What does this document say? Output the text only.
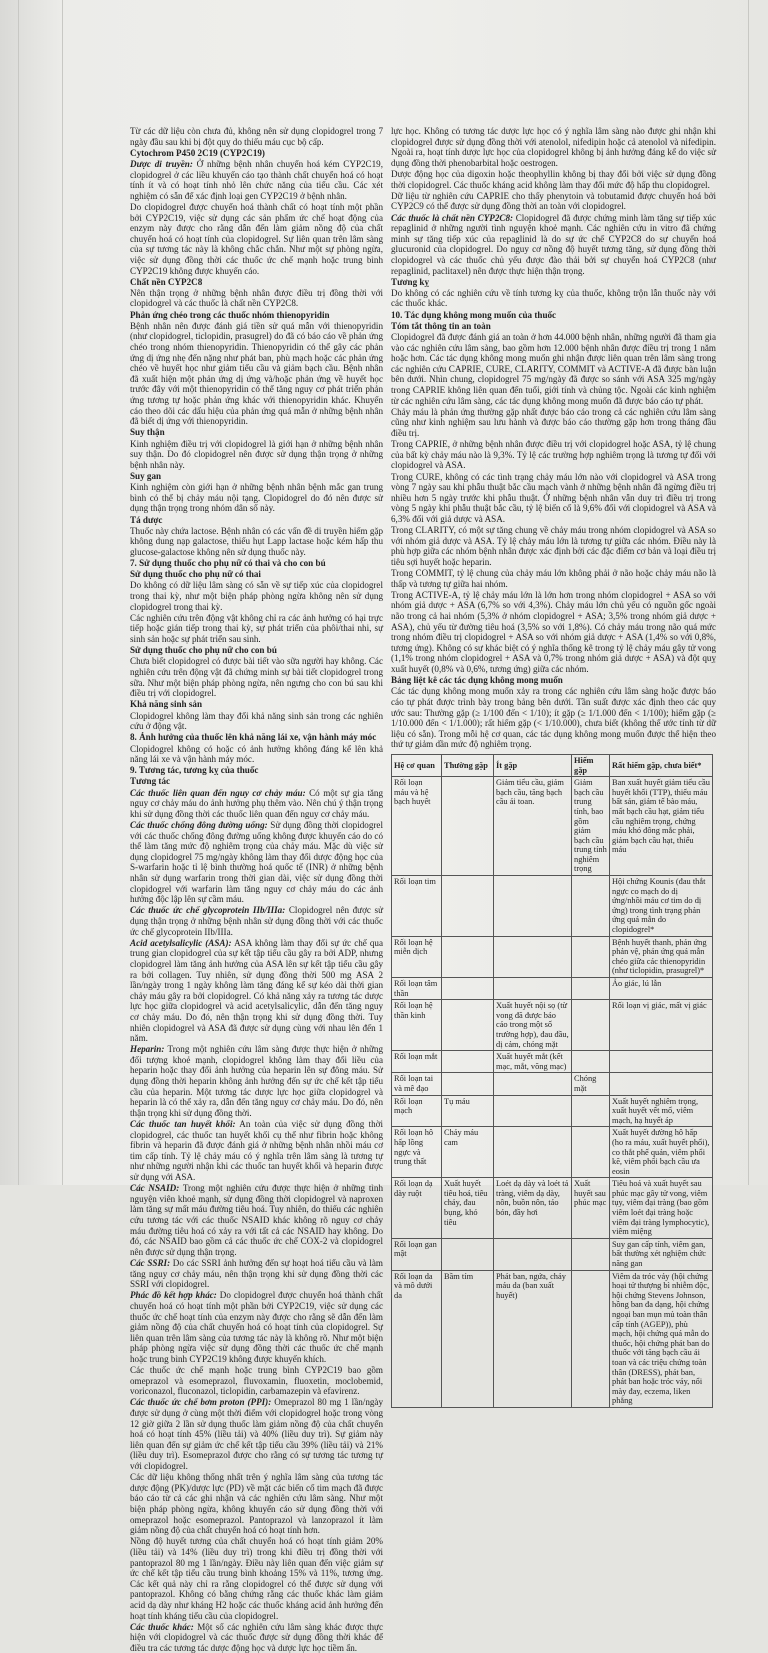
Từ các dữ liệu còn chưa đủ, không nên sử dụng clopidogrel trong 7 ngày đầu sau khi bị đột quỵ do thiếu máu cục bộ cấp.

Cytochrom P450 2C19 (CYP2C19)

Dược di truyền: Ở những bệnh nhân chuyển hoá kém CYP2C19, clopidogrel ở các liều khuyến cáo tạo thành chất chuyển hoá có hoạt tính ít và có hoạt tính nhỏ lên chức năng của tiểu cầu. Các xét nghiệm có sẵn để xác định loại gen CYP2C19 ở bệnh nhân.

Do clopidogrel được chuyển hoá thành chất có hoạt tính một phần bởi CYP2C19, việc sử dụng các sản phẩm ức chế hoạt động của enzym này được cho rằng dẫn đến làm giảm nồng độ của chất chuyển hoá có hoạt tính của clopidogrel. Sự liên quan trên lâm sàng của sự tương tác này là không chắc chắn. Như một sự phòng ngừa, việc sử dụng đồng thời các thuốc ức chế mạnh hoặc trung bình CYP2C19 không được khuyến cáo.

Chất nền CYP2C8

Nên thận trọng ở những bệnh nhân được điều trị đồng thời với clopidogrel và các thuốc là chất nền CYP2C8.

Phản ứng chéo trong các thuốc nhóm thienopyridin

Bệnh nhân nên được đánh giá tiền sử quá mẫn với thienopyridin (như clopidogrel, ticlopidin, prasugrel) do đã có báo cáo về phản ứng chéo trong nhóm thienopyridin. Thienopyridin có thể gây các phản ứng dị ứng nhẹ đến nặng như phát ban, phù mạch hoặc các phản ứng chéo về huyết học như giảm tiểu cầu và giảm bạch cầu. Bệnh nhân đã xuất hiện một phản ứng dị ứng và/hoặc phản ứng về huyết học trước đây với một thienopyridin có thể tăng nguy cơ phát triển phản ứng tương tự hoặc phản ứng khác với thienopyridin khác. Khuyến cáo theo dõi các dấu hiệu của phản ứng quá mẫn ở những bệnh nhân đã biết dị ứng với thienopyridin.

Suy thận

Kinh nghiệm điều trị với clopidogrel là giới hạn ở những bệnh nhân suy thận. Do đó clopidogrel nên được sử dụng thận trọng ở những bệnh nhân này.

Suy gan

Kinh nghiệm còn giới hạn ở những bệnh nhân bệnh mắc gan trung bình có thể bị chảy máu nội tạng. Clopidogrel do đó nên được sử dụng thận trọng trong nhóm dân số này.

Tá dược

Thuốc này chứa lactose. Bệnh nhân có các vấn đề di truyền hiếm gặp không dung nạp galactose, thiếu hụt Lapp lactase hoặc kém hấp thu glucose-galactose không nên sử dụng thuốc này.

7. Sử dụng thuốc cho phụ nữ có thai và cho con bú

Sử dụng thuốc cho phụ nữ có thai

Do không có dữ liệu lâm sàng có sẵn về sự tiếp xúc của clopidogrel trong thai kỳ, như một biện pháp phòng ngừa không nên sử dụng clopidogrel trong thai kỳ.

Các nghiên cứu trên động vật không chỉ ra các ảnh hưởng có hại trực tiếp hoặc gián tiếp trong thai kỳ, sự phát triển của phôi/thai nhi, sự sinh sản hoặc sự phát triển sau sinh.

Sử dụng thuốc cho phụ nữ cho con bú

Chưa biết clopidogrel có được bài tiết vào sữa người hay không. Các nghiên cứu trên động vật đã chứng minh sự bài tiết clopidogrel trong sữa. Như một biện pháp phòng ngừa, nên ngưng cho con bú sau khi điều trị với clopidogrel.

Khả năng sinh sản

Clopidogrel không làm thay đổi khả năng sinh sản trong các nghiên cứu ở động vật.

8. Ảnh hưởng của thuốc lên khả năng lái xe, vận hành máy móc

Clopidogrel không có hoặc có ảnh hưởng không đáng kể lên khả năng lái xe và vận hành máy móc.

9. Tương tác, tương kỵ của thuốc

Tương tác

Các thuốc liên quan đến nguy cơ chảy máu: Có một sự gia tăng nguy cơ chảy máu do ảnh hưởng phụ thêm vào. Nên chú ý thận trọng khi sử dụng đồng thời các thuốc liên quan đến nguy cơ chảy máu.

Các thuốc chống đông đường uống: Sử dụng đồng thời clopidogrel với các thuốc chống đông đường uống không được khuyến cáo do có thể làm tăng mức độ nghiêm trọng của chảy máu. Mặc dù việc sử dụng clopidogrel 75 mg/ngày không làm thay đổi dược động học của S-warfarin hoặc tỉ lệ bình thường hoá quốc tế (INR) ở những bệnh nhân sử dụng warfarin trong thời gian dài, việc sử dụng đồng thời clopidogrel với warfarin làm tăng nguy cơ chảy máu do các ảnh hưởng độc lập lên sự cầm máu.

Các thuốc ức chế glycoprotein IIb/IIIa: Clopidogrel nên được sử dụng thận trọng ở những bệnh nhân sử dụng đồng thời với các thuốc ức chế glycoprotein IIb/IIIa.

Acid acetylsalicylic (ASA): ASA không làm thay đổi sự ức chế qua trung gian clopidogrel của sự kết tập tiểu cầu gây ra bởi ADP, nhưng clopidogrel làm tăng ảnh hưởng của ASA lên sự kết tập tiểu cầu gây ra bởi collagen. Tuy nhiên, sử dụng đồng thời 500 mg ASA 2 lần/ngày trong 1 ngày không làm tăng đáng kể sự kéo dài thời gian chảy máu gây ra bởi clopidogrel. Có khả năng xảy ra tương tác dược lực học giữa clopidogrel và acid acetylsalicylic, dẫn đến tăng nguy cơ chảy máu. Do đó, nên thận trọng khi sử dụng đồng thời. Tuy nhiên clopidogrel và ASA đã được sử dụng cùng với nhau lên đến 1 năm.

Heparin: Trong một nghiên cứu lâm sàng được thực hiện ở những đối tượng khoẻ mạnh, clopidogrel không làm thay đổi liều của heparin hoặc thay đổi ảnh hưởng của heparin lên sự đông máu. Sử dụng đồng thời heparin không ảnh hưởng đến sự ức chế kết tập tiểu cầu của heparin. Một tương tác dược lực học giữa clopidogrel và heparin là có thể xảy ra, dẫn đến tăng nguy cơ chảy máu. Do đó, nên thận trọng khi sử dụng đồng thời.

Các thuốc tan huyết khối: An toàn của việc sử dụng đồng thời clopidogrel, các thuốc tan huyết khối cụ thể như fibrin hoặc không fibrin và heparin đã được đánh giá ở những bệnh nhân nhồi máu cơ tim cấp tính. Tỷ lệ chảy máu có ý nghĩa trên lâm sàng là tương tự như những người nhận khi các thuốc tan huyết khối và heparin được sử dụng với ASA.

Các NSAID: Trong một nghiên cứu được thực hiện ở những tình nguyện viên khoẻ mạnh, sử dụng đồng thời clopidogrel và naproxen làm tăng sự mất máu đường tiêu hoá. Tuy nhiên, do thiếu các nghiên cứu tương tác với các thuốc NSAID khác không rõ nguy cơ chảy máu đường tiêu hoá có xảy ra với tất cả các NSAID hay không. Do đó, các NSAID bao gồm cả các thuốc ức chế COX-2 và clopidogrel nên được sử dụng thận trọng.

Các SSRI: Do các SSRI ảnh hưởng đến sự hoạt hoá tiểu cầu và làm tăng nguy cơ chảy máu, nên thận trọng khi sử dụng đồng thời các SSRI với clopidogrel.

Phác đồ kết hợp khác: Do clopidogrel được chuyển hoá thành chất chuyển hoá có hoạt tính một phần bởi CYP2C19, việc sử dụng các thuốc ức chế hoạt tính của enzym này được cho rằng sẽ dẫn đến làm giảm nồng độ của chất chuyển hoá có hoạt tính của clopidogrel. Sự liên quan trên lâm sàng của tương tác này là không rõ. Như một biện pháp phòng ngừa việc sử dụng đồng thời các thuốc ức chế mạnh hoặc trung bình CYP2C19 không được khuyến khích.

Các thuốc ức chế mạnh hoặc trung bình CYP2C19 bao gồm omeprazol và esomeprazol, fluvoxamin, fluoxetin, moclobemid, voriconazol, fluconazol, ticlopidin, carbamazepin và efavirenz.

Các thuốc ức chế bơm proton (PPI): Omeprazol 80 mg 1 lần/ngày được sử dụng ở cùng một thời điểm với clopidogrel hoặc trong vòng 12 giờ giữa 2 lần sử dụng thuốc làm giảm nồng độ của chất chuyển hoá có hoạt tính 45% (liều tải) và 40% (liều duy trì). Sự giảm này liên quan đến sự giảm ức chế kết tập tiểu cầu 39% (liều tải) và 21% (liều duy trì). Esomeprazol được cho rằng có sự tương tác tương tự với clopidogrel.

Các dữ liệu không thống nhất trên ý nghĩa lâm sàng của tương tác dược động (PK)/dược lực (PD) về mặt các biến cố tim mạch đã được báo cáo từ cả các ghi nhận và các nghiên cứu lâm sàng. Như một biện pháp phòng ngừa, không khuyến cáo sử dụng đồng thời với omeprazol hoặc esomeprazol. Pantoprazol và lanzoprazol ít làm giảm nồng độ của chất chuyển hoá có hoạt tính hơn.

Nồng độ huyết tương của chất chuyển hoá có hoạt tính giảm 20% (liều tải) và 14% (liều duy trì) trong khi điều trị đồng thời với pantoprazol 80 mg 1 lần/ngày. Điều này liên quan đến việc giảm sự ức chế kết tập tiểu cầu trung bình khoảng 15% và 11%, tương ứng. Các kết quả này chỉ ra rằng clopidogrel có thể được sử dụng với pantoprazol. Không có bằng chứng rằng các thuốc khác làm giảm acid dạ dày như kháng H2 hoặc các thuốc kháng acid ảnh hưởng đến hoạt tính kháng tiểu cầu của clopidogrel.

Các thuốc khác: Một số các nghiên cứu lâm sàng khác được thực hiện với clopidogrel và các thuốc được sử dụng đồng thời khác để điều tra các tương tác dược động học và dược lực học tiềm ẩn.

lực học. Không có tương tác dược lực học có ý nghĩa lâm sàng nào được ghi nhận khi clopidogrel được sử dụng đồng thời với atenolol, nifedipin hoặc cả atenolol và nifedipin. Ngoài ra, hoạt tính dược lực học của clopidogrel không bị ảnh hưởng đáng kể do việc sử dụng đồng thời phenobarbital hoặc oestrogen.

Dược động học của digoxin hoặc theophyllin không bị thay đổi bởi việc sử dụng đồng thời clopidogrel. Các thuốc kháng acid không làm thay đổi mức độ hấp thu clopidogrel.

Dữ liệu từ nghiên cứu CAPRIE cho thấy phenytoin và tobutamid được chuyển hoá bởi CYP2C9 có thể được sử dụng đồng thời an toàn với clopidogrel.

Các thuốc là chất nền CYP2C8: Clopidogrel đã được chứng minh làm tăng sự tiếp xúc repaglinid ở những người tình nguyện khoẻ mạnh. Các nghiên cứu in vitro đã chứng minh sự tăng tiếp xúc của repaglinid là do sự ức chế CYP2C8 do sự chuyển hoá glucuronid của clopidogrel. Do nguy cơ nồng độ huyết tương tăng, sử dụng đồng thời clopidogrel và các thuốc chủ yếu được đào thải bởi sự chuyển hoá CYP2C8 (như repaglinid, paclitaxel) nên được thực hiện thận trọng.

Tương kỵ

Do không có các nghiên cứu về tính tương kỵ của thuốc, không trộn lẫn thuốc này với các thuốc khác.

10. Tác dụng không mong muốn của thuốc

Tóm tắt thông tin an toàn

Clopidogrel đã được đánh giá an toàn ở hơn 44.000 bệnh nhân, những người đã tham gia vào các nghiên cứu lâm sàng, bao gồm hơn 12.000 bệnh nhân được điều trị trong 1 năm hoặc hơn. Các tác dụng không mong muốn ghi nhận được liên quan trên lâm sàng trong các nghiên cứu CAPRIE, CURE, CLARITY, COMMIT và ACTIVE-A đã được bàn luận bên dưới. Nhìn chung, clopidogrel 75 mg/ngày đã được so sánh với ASA 325 mg/ngày trong CAPRIE không liên quan đến tuổi, giới tính và chủng tộc. Ngoài các kinh nghiệm từ các nghiên cứu lâm sàng, các tác dụng không mong muốn đã được báo cáo tự phát.

Chảy máu là phản ứng thường gặp nhất được báo cáo trong cả các nghiên cứu lâm sàng cũng như kinh nghiệm sau lưu hành và được báo cáo thường gặp hơn trong tháng đầu điều trị.

Trong CAPRIE, ở những bệnh nhân được điều trị với clopidogrel hoặc ASA, tỷ lệ chung của bất kỳ chảy máu nào là 9,3%. Tỷ lệ các trường hợp nghiêm trọng là tương tự đối với clopidogrel và ASA.

Trong CURE, không có các tình trạng chảy máu lớn nào với clopidogrel và ASA trong vòng 7 ngày sau khi phẫu thuật bắc cầu mạch vành ở những bệnh nhân đã ngừng điều trị nhiều hơn 5 ngày trước khi phẫu thuật. Ở những bệnh nhân vẫn duy trì điều trị trong vòng 5 ngày khi phẫu thuật bắc cầu, tỷ lệ biến cố là 9,6% đối với clopidogrel và ASA và 6,3% đối với giả dược và ASA.

Trong CLARITY, có một sự tăng chung về chảy máu trong nhóm clopidogrel và ASA so với nhóm giả dược và ASA. Tỷ lệ chảy máu lớn là tương tự giữa các nhóm. Điều này là phù hợp giữa các nhóm bệnh nhân được xác định bởi các đặc điểm cơ bản và loại điều trị tiêu sợi huyết hoặc heparin.

Trong COMMIT, tỷ lệ chung của chảy máu lớn không phải ở não hoặc chảy máu não là thấp và tương tự giữa hai nhóm.

Trong ACTIVE-A, tỷ lệ chảy máu lớn là lớn hơn trong nhóm clopidogrel + ASA so với nhóm giả dược + ASA (6,7% so với 4,3%). Chảy máu lớn chủ yếu có nguồn gốc ngoài não trong cả hai nhóm (5,3% ở nhóm clopidogrel + ASA; 3,5% trong nhóm giả dược + ASA), chủ yếu từ đường tiêu hoá (3,5% so với 1,8%). Có chảy máu trong não quá mức trong nhóm điều trị clopidogrel + ASA so với nhóm giả dược + ASA (1,4% so với 0,8%, tương ứng). Không có sự khác biệt có ý nghĩa thống kê trong tỷ lệ chảy máu gây tử vong (1,1% trong nhóm clopidogrel + ASA và 0,7% trong nhóm giả dược + ASA) và đột quỵ xuất huyết (0,8% và 0,6%, tương ứng) giữa các nhóm.

Bảng liệt kê các tác dụng không mong muốn

Các tác dụng không mong muốn xảy ra trong các nghiên cứu lâm sàng hoặc được báo cáo tự phát được trình bày trong bảng bên dưới. Tần suất được xác định theo các quy ước sau: Thường gặp (≥ 1/100 đến < 1/10); ít gặp (≥ 1/1.000 đến < 1/100); hiếm gặp (≥ 1/10.000 đến < 1/1.000); rất hiếm gặp (< 1/10.000), chưa biết (không thể ước tính từ dữ liệu có sẵn). Trong mỗi hệ cơ quan, các tác dụng không mong muốn được thể hiện theo thứ tự giảm dần mức độ nghiêm trọng.

Hệ cơ quan	Thường gặp	Ít gặp	Hiếm gặp	Rất hiếm gặp, chưa biết*
Rối loạn máu và hệ bạch huyết		Giảm tiểu cầu, giảm bạch cầu, tăng bạch cầu ái toan.	Giảm bạch cầu trung tính, bao gồm giảm bạch cầu trung tính nghiêm trọng	Ban xuất huyết giảm tiểu cầu huyết khối (TTP), thiếu máu bất sản, giảm tế bào máu, mất bạch cầu hạt, giảm tiểu cầu nghiêm trọng, chứng máu khó đông mắc phải, giảm bạch cầu hạt, thiếu máu
Rối loạn tim				Hội chứng Kounis (đau thắt ngực co mạch do dị ứng/nhồi máu cơ tim do dị ứng) trong tình trạng phản ứng quá mẫn do clopidogrel*
Rối loạn hệ miễn dịch				Bệnh huyết thanh, phản ứng phản vệ, phản ứng quá mẫn chéo giữa các thienopyridin (như ticlopidin, prasugrel)*
Rối loạn tâm thần				Ảo giác, lú lẫn
Rối loạn hệ thần kinh		Xuất huyết nội sọ (từ vong đã được báo cáo trong một số trường hợp), đau đầu, dị cảm, chóng mặt		Rối loạn vị giác, mất vị giác
Rối loạn mắt		Xuất huyết mắt (kết mạc, mắt, võng mạc)		
Rối loạn tai và mê đạo			Chóng mặt	
Rối loạn mạch	Tụ máu			Xuất huyết nghiêm trọng, xuất huyết vết mổ, viêm mạch, hạ huyết áp
Rối loạn hô hấp lồng ngực và trung thất	Chảy máu cam			Xuất huyết đường hô hấp (ho ra máu, xuất huyết phổi), co thắt phế quản, viêm phổi kẽ, viêm phổi bạch cầu ưa eosin
Rối loạn dạ dày ruột	Xuất huyết tiêu hoá, tiêu chảy, đau bụng, khó tiêu	Loét dạ dày và loét tá tràng, viêm dạ dày, nôn, buồn nôn, táo bón, đầy hơi	Xuất huyết sau phúc mạc	Tiêu hoá và xuất huyết sau phúc mạc gây tử vong, viêm tụy, viêm đại tràng (bao gồm viêm loét đại tràng hoặc viêm đại tràng lymphocytic), viêm miệng
Rối loạn gan mật				Suy gan cấp tính, viêm gan, bất thường xét nghiệm chức năng gan
Rối loạn da và mô dưới da	Bầm tím	Phát ban, ngứa, chảy máu da (ban xuất huyết)		Viêm da tróc vảy (hội chứng hoại tử thượng bì nhiễm độc, hội chứng Stevens Johnson, hồng ban đa dạng, hội chứng ngoại ban mụn mủ toàn thân cấp tính (AGEP)), phù mạch, hội chứng quá mẫn do thuốc, hội chứng phát ban do thuốc với tăng bạch cầu ái toan và các triệu chứng toàn thân (DRESS), phát ban, phát ban hoặc tróc vảy, nổi mày đay, eczema, liken phẳng
